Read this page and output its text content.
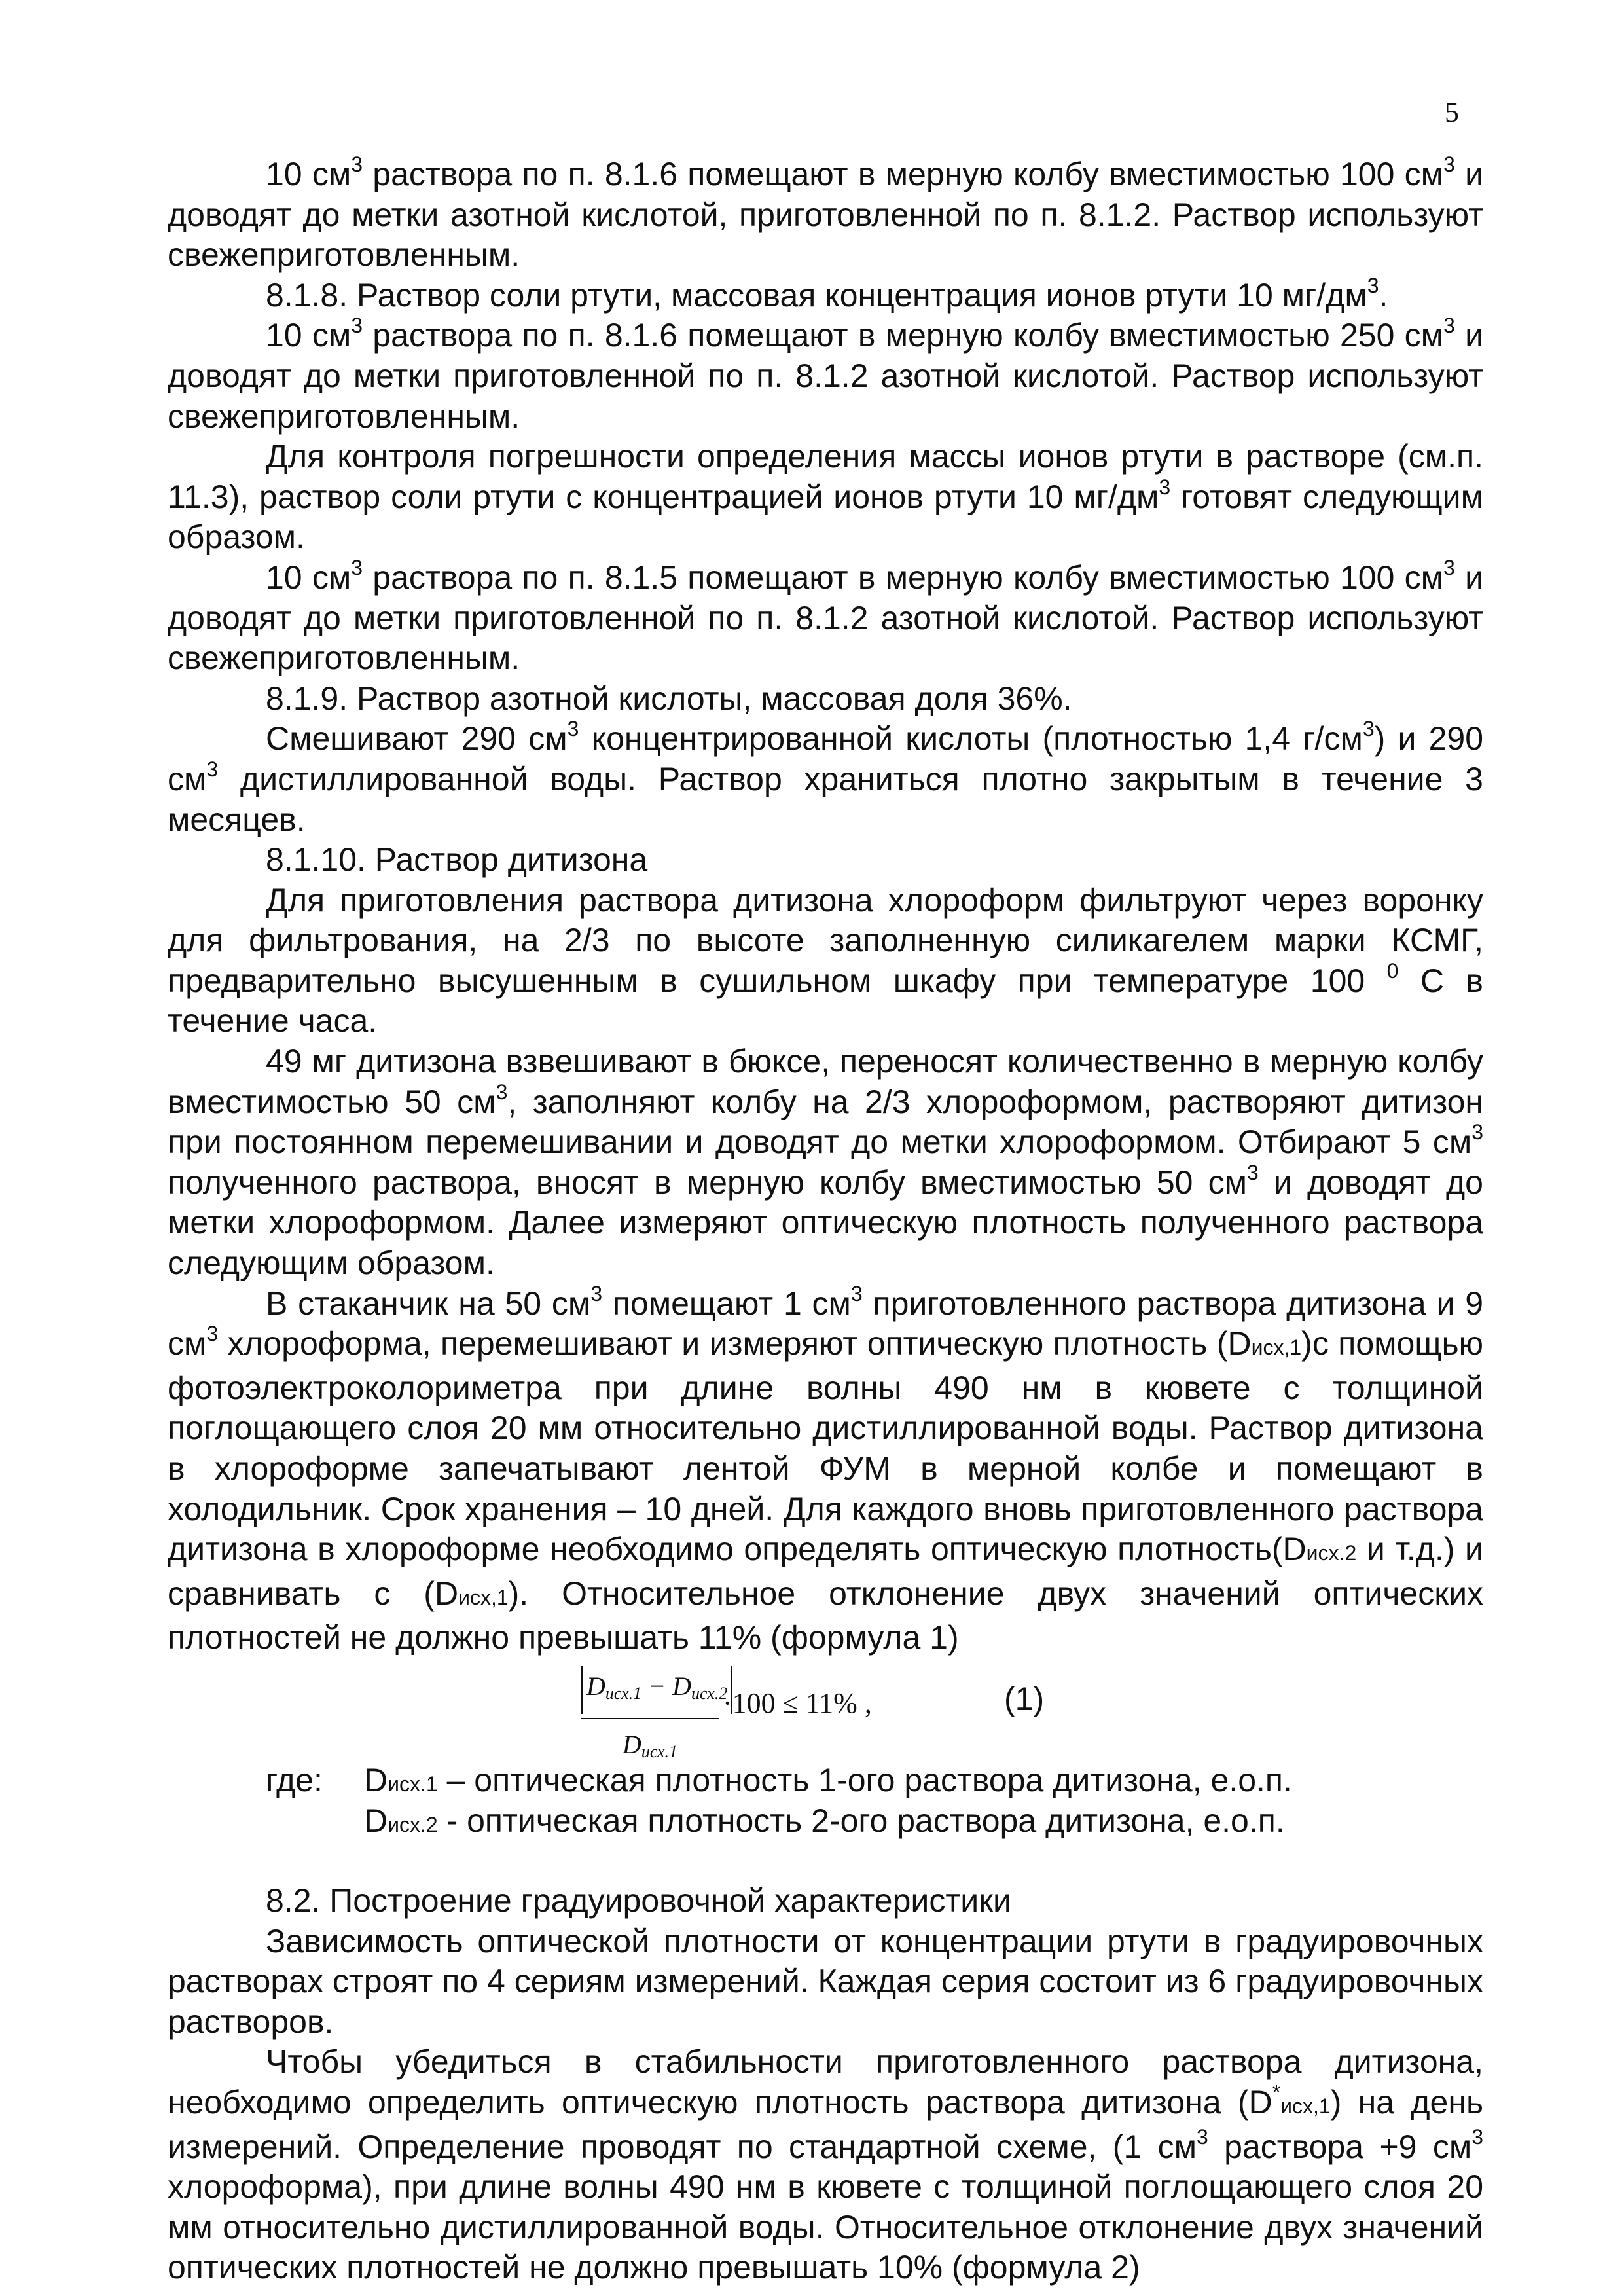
5

10 $см^3$ раствора по п. 8.1.6 помещают в мерную колбу вместимостью 100 $см^3$ и доводят до метки азотной кислотой, приготовленной по п. 8.1.2. Раствор используют свежеприготовленным.

8.1.8. Раствор соли ртути, массовая концентрация ионов ртути 10 $мг/дм^3$.

10 $см^3$ раствора по п. 8.1.6 помещают в мерную колбу вместимостью 250 $см^3$ и доводят до метки приготовленной по п. 8.1.2 азотной кислотой. Раствор используют свежеприготовленным.

Для контроля погрешности определения массы ионов ртути в растворе (см.п. 11.3), раствор соли ртути с концентрацией ионов ртути 10 $мг/дм^3$ готовят следующим образом.

10 $см^3$ раствора по п. 8.1.5 помещают в мерную колбу вместимостью 100 $см^3$ и доводят до метки приготовленной по п. 8.1.2 азотной кислотой. Раствор используют свежеприготовленным.

8.1.9. Раствор азотной кислоты, массовая доля 36%.

Смешивают 290 $см^3$ концентрированной кислоты (плотностью 1,4 $г/см^3$) и 290 $см^3$ дистиллированной воды. Раствор храниться плотно закрытым в течение 3 месяцев.

8.1.10. Раствор дитизона

Для приготовления раствора дитизона хлороформ фильтруют через воронку для фильтрования, на 2/3 по высоте заполненную силикагелем марки КСМГ, предварительно высушенным в сушильном шкафу при температуре 100 $^0$ С в течение часа.

49 мг дитизона взвешивают в бюксе, переносят количественно в мерную колбу вместимостью 50 $см^3$, заполняют колбу на 2/3 хлороформом, растворяют дитизон при постоянном перемешивании и доводят до метки хлороформом. Отбирают 5 $см^3$ полученного раствора, вносят в мерную колбу вместимостью 50 $см^3$ и доводят до метки хлороформом. Далее измеряют оптическую плотность полученного раствора следующим образом.

В стаканчик на 50 $см^3$ помещают 1 $см^3$ приготовленного раствора дитизона и 9 $см^3$ хлороформа, перемешивают и измеряют оптическую плотность (Dисх,1)с помощью фотоэлектроколориметра при длине волны 490 нм в кювете с толщиной поглощающего слоя 20 мм относительно дистиллированной воды. Раствор дитизона в хлороформе запечатывают лентой ФУМ в мерной колбе и помещают в холодильник. Срок хранения – 10 дней. Для каждого вновь приготовленного раствора дитизона в хлороформе необходимо определять оптическую плотность(Dисх.2 и т.д.) и сравнивать с (Dисх,1). Относительное отклонение двух значений оптических плотностей не должно превышать 11% (формула 1)

Dисх.1 − Dисх.2
Dисх.1
·100 ≤ 11% ,	(1)
где: Dисх.1 – оптическая плотность 1-ого раствора дитизона, е.о.п.
Dисх.2 - оптическая плотность 2-ого раствора дитизона, е.о.п.

8.2. Построение градуировочной характеристики

Зависимость оптической плотности от концентрации ртути в градуировочных растворах строят по 4 сериям измерений. Каждая серия состоит из 6 градуировочных растворов.

Чтобы убедиться в стабильности приготовленного раствора дитизона, необходимо определить оптическую плотность раствора дитизона (D*исх,1) на день измерений. Определение проводят по стандартной схеме, (1 $см^3$ раствора +9 $см^3$ хлороформа), при длине волны 490 нм в кювете с толщиной поглощающего слоя 20 мм относительно дистиллированной воды. Относительное отклонение двух значений оптических плотностей не должно превышать 10% (формула 2)
